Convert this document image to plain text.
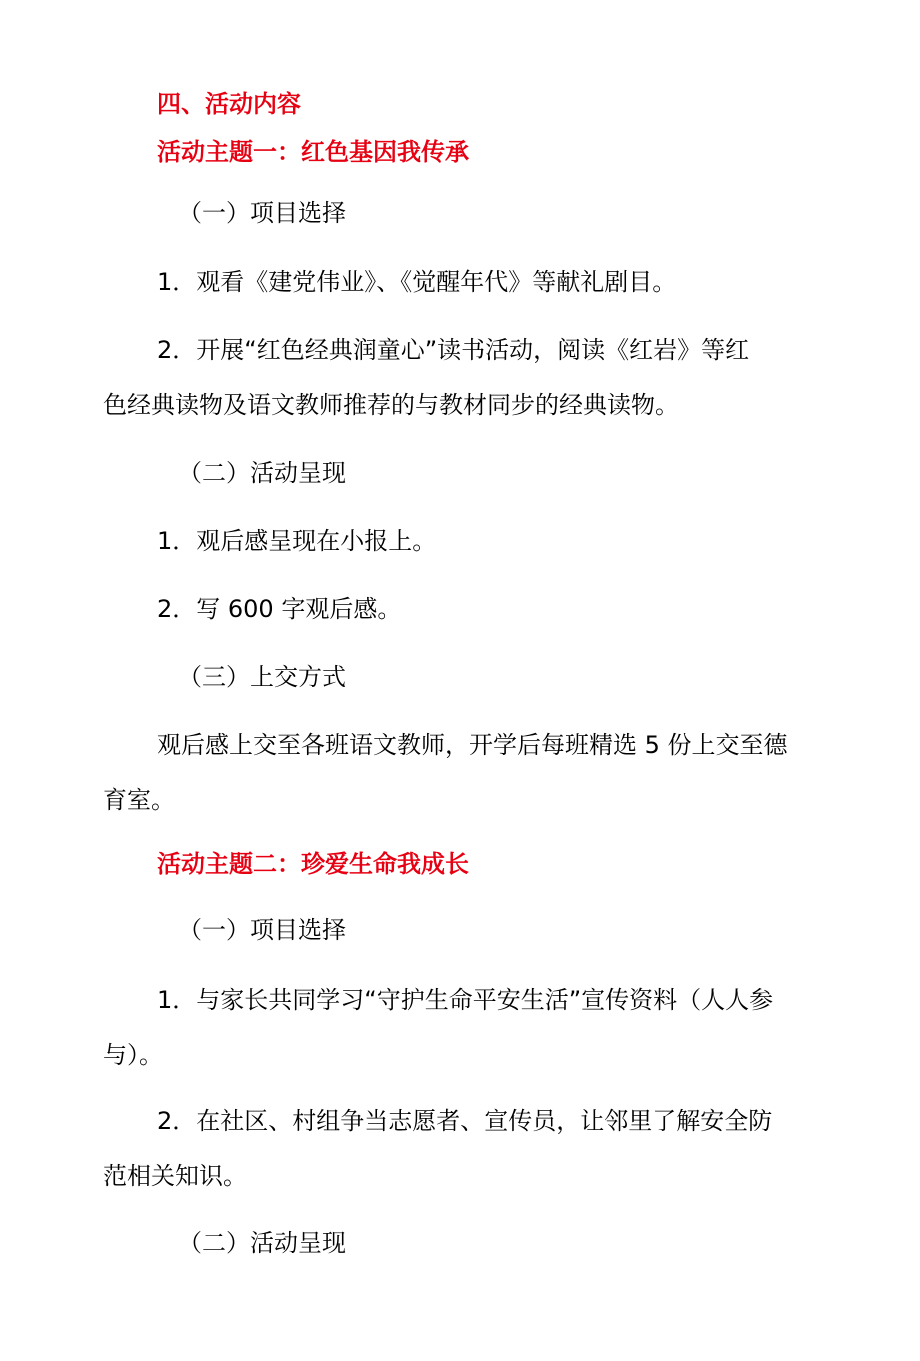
四、活动内容
活动主题一：红色基因我传承
（一）项目选择
1．观看《建党伟业》、《觉醒年代》等献礼剧目。
2．开展“红色经典润童心”读书活动，阅读《红岩》等红
色经典读物及语文教师推荐的与教材同步的经典读物。
（二）活动呈现
1．观后感呈现在小报上。
2．写 600 字观后感。
（三）上交方式
观后感上交至各班语文教师，开学后每班精选 5 份上交至德
育室。
活动主题二：珍爱生命我成长
（一）项目选择
1．与家长共同学习“守护生命平安生活”宣传资料（人人参
与）。
2．在社区、村组争当志愿者、宣传员，让邻里了解安全防
范相关知识。
（二）活动呈现
